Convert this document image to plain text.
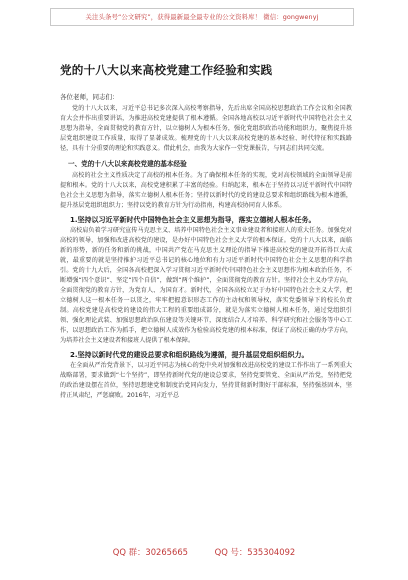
关注头条号“公文研究”，获得最新最全最专业的公文资料库！ 微信：gongwenyj
党的十八大以来高校党建工作经验和实践
各位老师，同志们：

党的十八大以来，习近平总书记多次深入高校考察指导，先后出席全国高校思想政治工作会议和全国教育大会并作出重要讲话，为推进高校党建提供了根本遵循。全国各地高校以习近平新时代中国特色社会主义思想为指导，全面贯彻党的教育方针，以立德树人为根本任务，强化党组织政治功能和组织力，聚焦提升基层党组织建设工作质量，取得了显著成效。梳理党的十八大以来高校党建的基本经验、时代特征和实践路径，具有十分重要的理论和实践意义。借此机会，由我为大家作一堂党课报告，与同志们共同交流。

一、党的十八大以来高校党建的基本经验

高校的社会主义性质决定了高校的根本任务。为了确保根本任务的实现，党对高校领域的全面领导是前提和根本。党的十八大以来，高校党建积累了丰富的经验。归纳起来，根本在于坚持以习近平新时代中国特色社会主义思想为指导，落实立德树人根本任务；坚持以新时代的党的建设总要求和组织路线为根本遵循，提升基层党组织组织力；坚持以党的教育方针为行动指南，构建高校协同育人体系。

1.坚持以习近平新时代中国特色社会主义思想为指导，落实立德树人根本任务。

高校肩负着学习研究宣传马克思主义、培养中国特色社会主义事业建设者和接班人的重大任务。加强党对高校的领导，加强和改进高校党的建设，是办好中国特色社会主义大学的根本保证。党的十八大以来，面临新的形势，新的任务和新的挑战，中国共产党在马克思主义理论的指导下推进高校党的建设开拓得巨大成就，最重要的就是坚持推护习近平总书记的核心地位和有力习近平新时代中国特色社会主义思想的科学指引。党的十九大后，全国各高校把深入学习贯彻习近平新时代中国特色社会主义思想作为根本政治任务，不断增强“四个意识”、坚定“四个自信”，做到“两个维护”，全面贯彻党的教育方针。坚持社会主义办学方向，全面贯彻党的教育方针，为党育人、为国育才。新时代，全国各高校立足于办好中国特色社会主义大学，把立德树人这一根本任务一以贯之，牢牢把握意识形态工作的主动权和领导权，落实党委领导下的校长负责制。高校党建是高校党的建设的伟大工程的重要组成部分，就是为落实立德树人根本任务，通过党组织引领、强化理论武装、加强思想政治队伍建设等关键环节，深度结合人才培养、科学研究和社会服务等中心工作，以思想政治工作为抓手，把立德树人成效作为检验高校党建的根本标准，保证了高校正确的办学方向，为培养社会主义建设者和接班人提供了根本保障。

2.坚持以新时代党的建设总要求和组织路线为遵循，提升基层党组织组织力。

在全面从严治党背景下，以习近平同志为核心的党中央对加强和改进高校党的建设工作作出了一系列重大战略部署，要求做到“七个坚持”，即坚持新时代党的建设总要求，坚持党要管党、全面从严治党，坚持把党的政治建设摆在首位，坚持思想建党和制度治党同向发力，坚持贯彻新时期好干部标准，坚持强基固本，坚持正风肃纪，严惩腐败。2016年，习近平总

QQ 群：30265665	QQ 号：535304092
